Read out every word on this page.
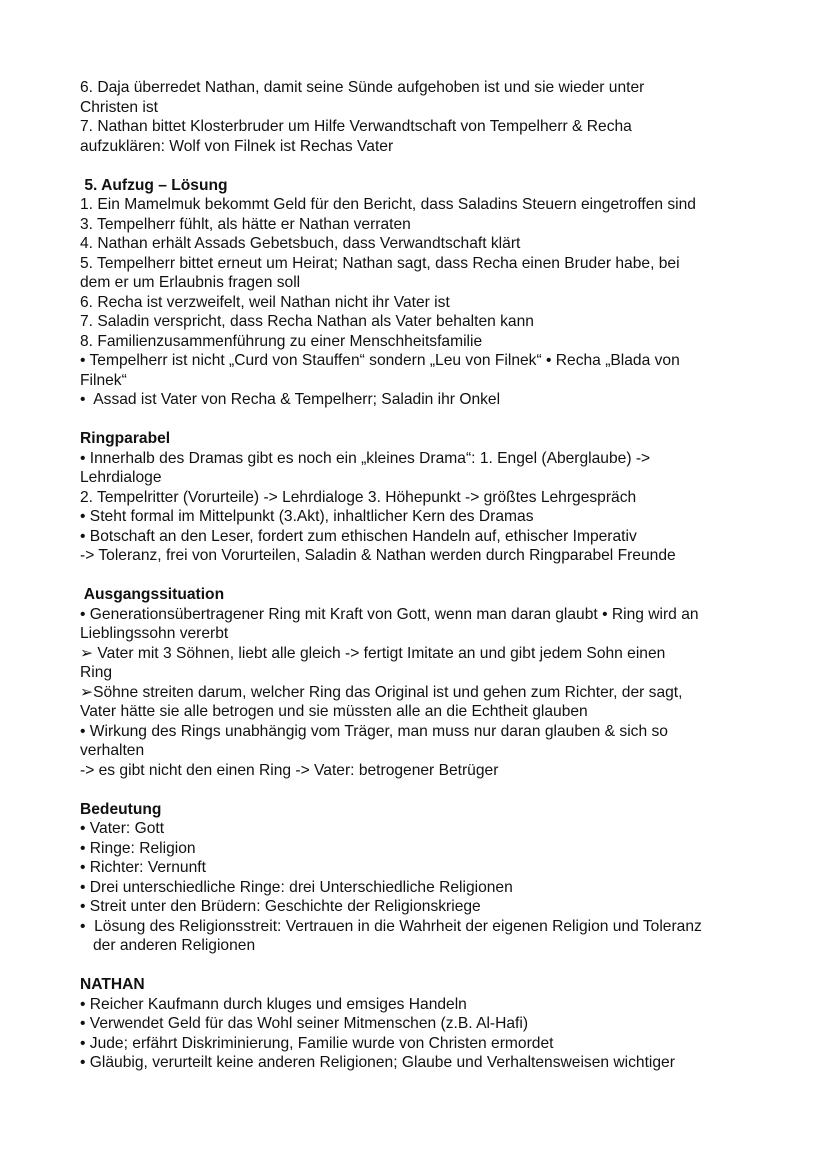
6. Daja überredet Nathan, damit seine Sünde aufgehoben ist und sie wieder unter
Christen ist
7. Nathan bittet Klosterbruder um Hilfe Verwandtschaft von Tempelherr & Recha
aufzuklären: Wolf von Filnek ist Rechas Vater
5. Aufzug – Lösung
1. Ein Mamelmuk bekommt Geld für den Bericht, dass Saladins Steuern eingetroffen sind
3. Tempelherr fühlt, als hätte er Nathan verraten
4. Nathan erhält Assads Gebetsbuch, dass Verwandtschaft klärt
5. Tempelherr bittet erneut um Heirat; Nathan sagt, dass Recha einen Bruder habe, bei
dem er um Erlaubnis fragen soll
6. Recha ist verzweifelt, weil Nathan nicht ihr Vater ist
7. Saladin verspricht, dass Recha Nathan als Vater behalten kann
8. Familienzusammenführung zu einer Menschheitsfamilie
• Tempelherr ist nicht „Curd von Stauffen“ sondern „Leu von Filnek“ • Recha „Blada von
Filnek“
•  Assad ist Vater von Recha & Tempelherr; Saladin ihr Onkel
Ringparabel
• Innerhalb des Dramas gibt es noch ein „kleines Drama“: 1. Engel (Aberglaube) ->
Lehrdialoge
2. Tempelritter (Vorurteile) -> Lehrdialoge 3. Höhepunkt -> größtes Lehrgespräch
• Steht formal im Mittelpunkt (3.Akt), inhaltlicher Kern des Dramas
• Botschaft an den Leser, fordert zum ethischen Handeln auf, ethischer Imperativ
-> Toleranz, frei von Vorurteilen, Saladin & Nathan werden durch Ringparabel Freunde
Ausgangssituation
• Generationsübertragener Ring mit Kraft von Gott, wenn man daran glaubt • Ring wird an
Lieblingssohn vererbt
➢ Vater mit 3 Söhnen, liebt alle gleich -> fertigt Imitate an und gibt jedem Sohn einen
Ring
➢Söhne streiten darum, welcher Ring das Original ist und gehen zum Richter, der sagt,
Vater hätte sie alle betrogen und sie müssten alle an die Echtheit glauben
• Wirkung des Rings unabhängig vom Träger, man muss nur daran glauben & sich so
verhalten
-> es gibt nicht den einen Ring -> Vater: betrogener Betrüger
Bedeutung
• Vater: Gott
• Ringe: Religion
• Richter: Vernunft
• Drei unterschiedliche Ringe: drei Unterschiedliche Religionen
• Streit unter den Brüdern: Geschichte der Religionskriege
•  Lösung des Religionsstreit: Vertrauen in die Wahrheit der eigenen Religion und Toleranz
der anderen Religionen
NATHAN
• Reicher Kaufmann durch kluges und emsiges Handeln
• Verwendet Geld für das Wohl seiner Mitmenschen (z.B. Al-Hafi)
• Jude; erfährt Diskriminierung, Familie wurde von Christen ermordet
• Gläubig, verurteilt keine anderen Religionen; Glaube und Verhaltensweisen wichtiger
